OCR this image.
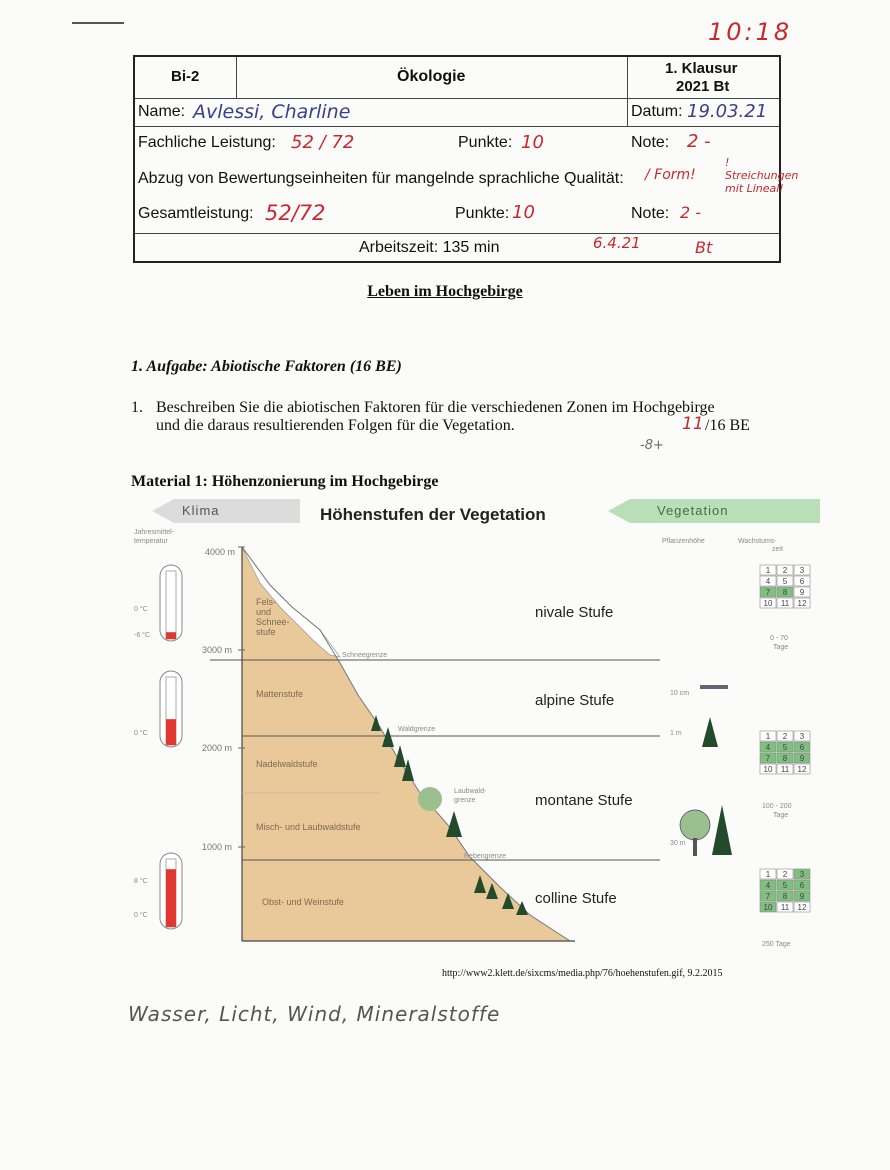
10:18
Bi-2	Ökologie	1. Klausur
2021 Bt
Name: Avlessi, Charline	Datum: 19.03.21
Fachliche Leistung: 52 / 72	Punkte: 10	Note: 2 -
Abzug von Bewertungseinheiten für mangelnde sprachliche Qualität: / Form!
! Streichungen mit Lineal!
Gesamtleistung: 52/72	Punkte: 10	Note: 2 -
Arbeitszeit: 135 min	6.4.21	Bt
Leben im Hochgebirge
1. Aufgabe: Abiotische Faktoren (16 BE)
1. Beschreiben Sie die abiotischen Faktoren für die verschiedenen Zonen im Hochgebirge
und die daraus resultierenden Folgen für die Vegetation.	11 /16 BE
-8+
Material 1: Höhenzonierung im Hochgebirge
Klima	Höhenstufen der Vegetation	Vegetation
Jahresmittel-
temperatur	Pflanzenhöhe	Wachstums-
zeit
4000 m
3000 m
2000 m
1000 m
Fels-
und
Schnee-
stufe
Mattenstufe
Nadelwaldstufe
Misch- und Laubwaldstufe
Obst- und Weinstufe
Schneegrenze
Waldgrenze
Laubwald-
grenze
Rebengrenze
nivale Stufe
alpine Stufe
montane Stufe
colline Stufe
10 cm
1 m
30 m
1 2 3
4 5 6
7 8 9
10 11 12
1 2 3
4 5 6
7 8 9
10 11 12
1 2 3
4 5 6
7 8 9
10 11 12
0 - 70
Tage
100 - 200
Tage
250 Tage
0 °C
-6 °C
0 °C
8 °C
0 °C
http://www2.klett.de/sixcms/media.php/76/hoehenstufen.gif, 9.2.2015
Wasser, Licht, Wind, Mineralstoffe
